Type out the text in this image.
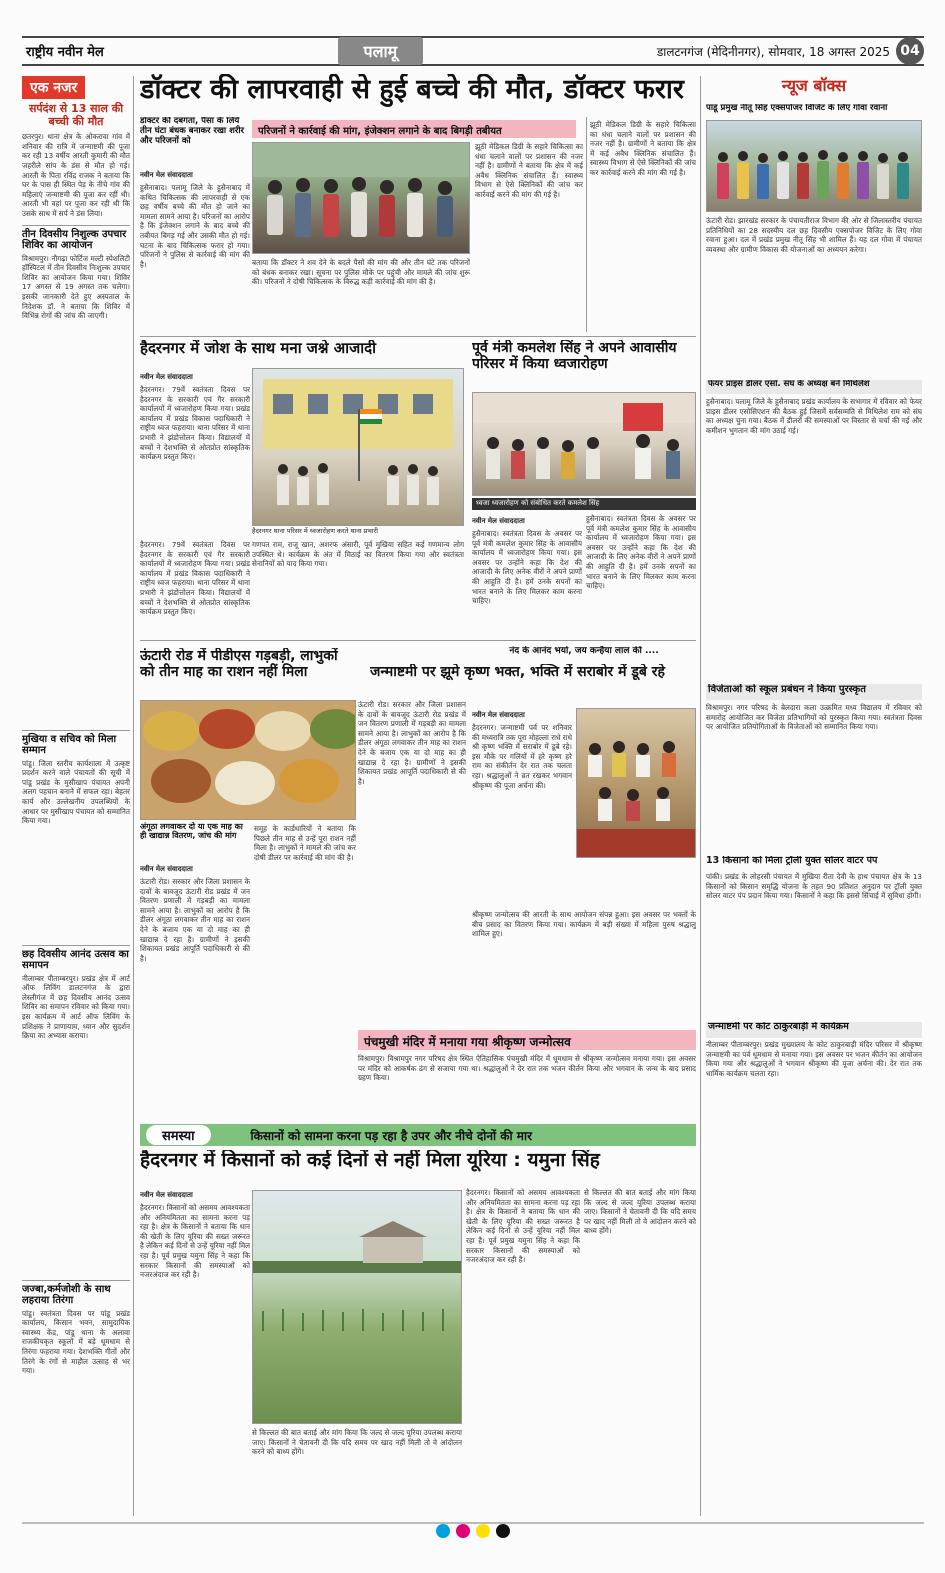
राष्ट्रीय नवीन मेल	पलामू	डालटनगंज (मेदिनीनगर), सोमवार, 18 अगस्त 2025 04
एक नजर
सर्पदंश से 13 साल की बच्ची की मौत
छतरपुर। थाना क्षेत्र के ओकरावा गांव में शनिवार की रात्रि में जन्माष्टमी की पूजा कर रही 13 वर्षीय आरती कुमारी की मौत जहरीले सांप के डंस से मौत हो गई। आरती के पिता रविंद्र राजक ने बताया कि घर के पास ही स्थित पेड़ के नीचे गांव की महिलाएं जन्माष्टमी की पूजा कर रहीं थी। आरती भी वहां पर पूजा कर रही थी कि उसके साथ में सर्प ने डंस लिया।
तीन दिवसीय निशुल्क उपचार शिविर का आयोजन
विश्रामपुर। नौगढ़ा फोर्टिज मल्टी स्पेशलिटी हॉस्पिटल में तीन दिवसीय निःशुल्क उपचार शिविर का आयोजन किया गया। शिविर 17 अगस्त से 19 अगस्त तक चलेगा। इसकी जानकारी देते हुए अस्पताल के निदेशक डॉ. ने बताया कि शिविर में विभिन्न रोगों की जांच की जाएगी।
मुखिया व सचिव को मिला सम्मान
पांडू। जिला स्तरीय कार्यशाला में उत्कृष्ट प्रदर्शन करने वाले पंचायतों की सूची में पांडू प्रखंड के मुसीखाप पंचायत अपनी अलग पहचान बनाने में सफल रहा। बेहतर कार्य और उल्लेखनीय उपलब्धियों के आधार पर मुसीखाप पंचायत को सम्मानित किया गया।
छह दिवसीय आनंद उत्सव का समापन
नीलाम्बर पीताम्बरपुर। प्रखंड क्षेत्र में आर्ट ऑफ लिविंग डालटनगंज के द्वारा लेस्लीगंज में छह दिवसीय आनंद उत्सव शिविर का समापन रविवार को किया गया। इस कार्यक्रम में आर्ट ऑफ लिविंग के प्रशिक्षक ने प्राणायाम, ध्यान और सुदर्शन क्रिया का अभ्यास कराया।
जज्बा,कर्मजोशी के साथ लहराया तिरंगा
पांडू। स्वतंत्रता दिवस पर पांडू प्रखंड कार्यालय, किसान भवन, सामुदायिक स्वास्थ्य केंद्र, पांडू थाना के अलावा राजकीयकृत स्कूलों में बड़े धूमधाम से तिरंगा फहराया गया। देशभक्ति गीतों और तिरंगे के रंगों से माहौल उत्साह से भर गया।
डॉक्टर की लापरवाही से हुई बच्चे की मौत, डॉक्टर फरार
डॉक्टर की दबंगता, पैसा के लिये तीन घंटा बंधक बनाकर रखा शरीर और परिजनों को
परिजनों ने कार्रवाई की मांग, इंजेक्शन लगाने के बाद बिगड़ी तबीयत
नवीन मेल संवाददाता
हुसैनाबाद। पलामू जिले के हुसैनाबाद में कथित चिकित्सक की लापरवाही से एक छह वर्षीय बच्चे की मौत हो जाने का मामला सामने आया है। परिजनों का आरोप है कि इंजेक्शन लगाने के बाद बच्चे की तबीयत बिगड़ गई और उसकी मौत हो गई। घटना के बाद चिकित्सक फरार हो गया। परिजनों ने पुलिस से कार्रवाई की मांग की है।	बताया कि डॉक्टर ने शव देने के बदले पैसों की मांग की और तीन घंटे तक परिजनों को बंधक बनाकर रखा। सूचना पर पुलिस मौके पर पहुंची और मामले की जांच शुरू की। परिजनों ने दोषी चिकित्सक के विरुद्ध कड़ी कार्रवाई की मांग की है।
झूठी मेडिकल डिग्री के सहारे चिकित्सा का धंधा चलाने वालों पर प्रशासन की नजर नहीं है। ग्रामीणों ने बताया कि क्षेत्र में कई अवैध क्लिनिक संचालित हैं। स्वास्थ्य विभाग से ऐसे क्लिनिकों की जांच कर कार्रवाई करने की मांग की गई है।
झूठी मेडिकल डिग्री के सहारे चिकित्सा का धंधा चलाने वालों पर प्रशासन की नजर नहीं है। ग्रामीणों ने बताया कि क्षेत्र में कई अवैध क्लिनिक संचालित हैं। स्वास्थ्य विभाग से ऐसे क्लिनिकों की जांच कर कार्रवाई करने की मांग की गई है।
न्यूज बॉक्स
पांडू प्रमुख नीतू सिंह एक्सपोजर विजिट के लिए गोवा रवाना
ऊंटारी रोड। झारखंड सरकार के पंचायतीराज विभाग की ओर से जिलास्तरीय पंचायत प्रतिनिधियों का 28 सदस्यीय दल छह दिवसीय एक्सपोजर विजिट के लिए गोवा रवाना हुआ। दल में प्रखंड प्रमुख नीतू सिंह भी शामिल हैं। यह दल गोवा में पंचायत व्यवस्था और ग्रामीण विकास की योजनाओं का अध्ययन करेगा।
फेयर प्राइस डीलर एसो. संघ के अध्यक्ष बने मिथिलेश
हुसैनाबाद। पलामू जिले के हुसैनाबाद प्रखंड कार्यालय के सभागार में रविवार को फेयर प्राइस डीलर एसोसिएशन की बैठक हुई जिसमें सर्वसम्मति से मिथिलेश राम को संघ का अध्यक्ष चुना गया। बैठक में डीलरों की समस्याओं पर विस्तार से चर्चा की गई और कमीशन भुगतान की मांग उठाई गई।
विजेताओं को स्कूल प्रबंधन ने किया पुरस्कृत
विश्रामपुर। नगर परिषद के बेलदारा कला उत्क्रमित मध्य विद्यालय में रविवार को समारोह आयोजित कर विजेता प्रतिभागियों को पुरस्कृत किया गया। स्वतंत्रता दिवस पर आयोजित प्रतियोगिताओं के विजेताओं को सम्मानित किया गया।
13 किसानों को मिला ट्रॉली युक्त सोलर वाटर पंप
पांकी। प्रखंड के लोहरसी पंचायत में मुखिया रीता देवी के हाथ पंचायत क्षेत्र के 13 किसानों को किसान समृद्धि योजना के तहत 90 प्रतिशत अनुदान पर ट्रॉली युक्त सोलर वाटर पंप प्रदान किया गया। किसानों ने कहा कि इससे सिंचाई में सुविधा होगी।
जन्माष्टमी पर कोट ठाकुरबाड़ी में कार्यक्रम
नीलाम्बर पीताम्बरपुर। प्रखंड मुख्यालय के कोट ठाकुरबाड़ी मंदिर परिसर में श्रीकृष्ण जन्माष्टमी का पर्व धूमधाम से मनाया गया। इस अवसर पर भजन कीर्तन का आयोजन किया गया और श्रद्धालुओं ने भगवान श्रीकृष्ण की पूजा अर्चना की। देर रात तक धार्मिक कार्यक्रम चलता रहा।
हैदरनगर में जोश के साथ मना जश्ने आजादी
नवीन मेल संवाददाता
हैदरनगर। 79वें स्वतंत्रता दिवस पर हैदरनगर के सरकारी एवं गैर सरकारी कार्यालयों में ध्वजारोहण किया गया। प्रखंड कार्यालय में प्रखंड विकास पदाधिकारी ने राष्ट्रीय ध्वज फहराया। थाना परिसर में थाना प्रभारी ने झंडोत्तोलन किया। विद्यालयों में बच्चों ने देशभक्ति से ओतप्रोत सांस्कृतिक कार्यक्रम प्रस्तुत किए।
हैदरनगर थाना परिसर में ध्वजारोहण करते थाना प्रभारी
गणपत राम, राजू खान, अशरफ अंसारी, पूर्व मुखिया सहित कई गणमान्य लोग उपस्थित थे। कार्यक्रम के अंत में मिठाई का वितरण किया गया और स्वतंत्रता सेनानियों को याद किया गया।
हैदरनगर। 79वें स्वतंत्रता दिवस पर हैदरनगर के सरकारी एवं गैर सरकारी कार्यालयों में ध्वजारोहण किया गया। प्रखंड कार्यालय में प्रखंड विकास पदाधिकारी ने राष्ट्रीय ध्वज फहराया। थाना परिसर में थाना प्रभारी ने झंडोत्तोलन किया। विद्यालयों में बच्चों ने देशभक्ति से ओतप्रोत सांस्कृतिक कार्यक्रम प्रस्तुत किए।
पूर्व मंत्री कमलेश सिंह ने अपने आवासीय परिसर में किया ध्वजारोहण
ध्वजा ध्वजारोहण को संबोधित करते कमलेश सिंह
नवीन मेल संवाददाता
हुसैनाबाद। स्वतंत्रता दिवस के अवसर पर पूर्व मंत्री कमलेश कुमार सिंह के आवासीय कार्यालय में ध्वजारोहण किया गया। इस अवसर पर उन्होंने कहा कि देश की आजादी के लिए अनेक वीरों ने अपने प्राणों की आहुति दी है। हमें उनके सपनों का भारत बनाने के लिए मिलकर काम करना चाहिए।
हुसैनाबाद। स्वतंत्रता दिवस के अवसर पर पूर्व मंत्री कमलेश कुमार सिंह के आवासीय कार्यालय में ध्वजारोहण किया गया। इस अवसर पर उन्होंने कहा कि देश की आजादी के लिए अनेक वीरों ने अपने प्राणों की आहुति दी है। हमें उनके सपनों का भारत बनाने के लिए मिलकर काम करना चाहिए।
ऊंटारी रोड में पीडीएस गड़बड़ी, लाभुकों को तीन माह का राशन नहीं मिला
अंगूठा लगवाकर दो या एक माह का ही खाद्यान्न वितरण, जांच की मांग
नवीन मेल संवाददाता
ऊंटारी रोड। सरकार और जिला प्रशासन के दावों के बावजूद ऊंटारी रोड प्रखंड में जन वितरण प्रणाली में गड़बड़ी का मामला सामने आया है। लाभुकों का आरोप है कि डीलर अंगूठा लगवाकर तीन माह का राशन देने के बजाय एक या दो माह का ही खाद्यान्न दे रहा है। ग्रामीणों ने इसकी शिकायत प्रखंड आपूर्ति पदाधिकारी से की है।
समूह के कार्डधारियों ने बताया कि पिछले तीन माह से उन्हें पूरा राशन नहीं मिला है। लाभुकों ने मामले की जांच कर दोषी डीलर पर कार्रवाई की मांग की है।
ऊंटारी रोड। सरकार और जिला प्रशासन के दावों के बावजूद ऊंटारी रोड प्रखंड में जन वितरण प्रणाली में गड़बड़ी का मामला सामने आया है। लाभुकों का आरोप है कि डीलर अंगूठा लगवाकर तीन माह का राशन देने के बजाय एक या दो माह का ही खाद्यान्न दे रहा है। ग्रामीणों ने इसकी शिकायत प्रखंड आपूर्ति पदाधिकारी से की है।
नंद के आनंद भयो, जय कन्हैया लाल की ....
जन्माष्टमी पर झूमे कृष्ण भक्त, भक्ति में सराबोर में डूबे रहे
नवीन मेल संवाददाता
हैदरनगर। जन्माष्टमी पर्व पर शनिवार की मध्यरात्रि तक पूरा मोहल्ला राधे राधे श्री कृष्ण भक्ति में सराबोर में डूबे रहे। इस मौके पर गलियों में हरे कृष्ण हरे राम का संकीर्तन देर रात तक चलता रहा। श्रद्धालुओं ने व्रत रखकर भगवान श्रीकृष्ण की पूजा अर्चना की।
श्रीकृष्ण जन्मोत्सव की आरती के साथ आयोजन संपन्न हुआ। इस अवसर पर भक्तों के बीच प्रसाद का वितरण किया गया। कार्यक्रम में बड़ी संख्या में महिला पुरुष श्रद्धालु शामिल हुए।
पंचमुखी मंदिर में मनाया गया श्रीकृष्ण जन्मोत्सव
विश्रामपुर। विश्रामपुर नगर परिषद क्षेत्र स्थित ऐतिहासिक पंचमुखी मंदिर में धूमधाम से श्रीकृष्ण जन्मोत्सव मनाया गया। इस अवसर पर मंदिर को आकर्षक ढंग से सजाया गया था। श्रद्धालुओं ने देर रात तक भजन कीर्तन किया और भगवान के जन्म के बाद प्रसाद ग्रहण किया।
समस्या	किसानों को सामना करना पड़ रहा है उपर और नीचे दोनों की मार
हैदरनगर में किसानों को कई दिनों से नहीं मिला यूरिया : यमुना सिंह
नवीन मेल संवाददाता
हैदरनगर। किसानों को असमय आवश्यकता और अनियमितता का सामना करना पड़ रहा है। क्षेत्र के किसानों ने बताया कि धान की खेती के लिए यूरिया की सख्त जरूरत है लेकिन कई दिनों से उन्हें यूरिया नहीं मिल रहा है। पूर्व प्रमुख यमुना सिंह ने कहा कि सरकार किसानों की समस्याओं को नजरअंदाज कर रही है।
से किल्लत की बात बताई और मांग किया कि जल्द से जल्द यूरिया उपलब्ध कराया जाए। किसानों ने चेतावनी दी कि यदि समय पर खाद नहीं मिली तो वे आंदोलन करने को बाध्य होंगे।
हैदरनगर। किसानों को असमय आवश्यकता और अनियमितता का सामना करना पड़ रहा है। क्षेत्र के किसानों ने बताया कि धान की खेती के लिए यूरिया की सख्त जरूरत है लेकिन कई दिनों से उन्हें यूरिया नहीं मिल रहा है। पूर्व प्रमुख यमुना सिंह ने कहा कि सरकार किसानों की समस्याओं को नजरअंदाज कर रही है।
से किल्लत की बात बताई और मांग किया कि जल्द से जल्द यूरिया उपलब्ध कराया जाए। किसानों ने चेतावनी दी कि यदि समय पर खाद नहीं मिली तो वे आंदोलन करने को बाध्य होंगे।
